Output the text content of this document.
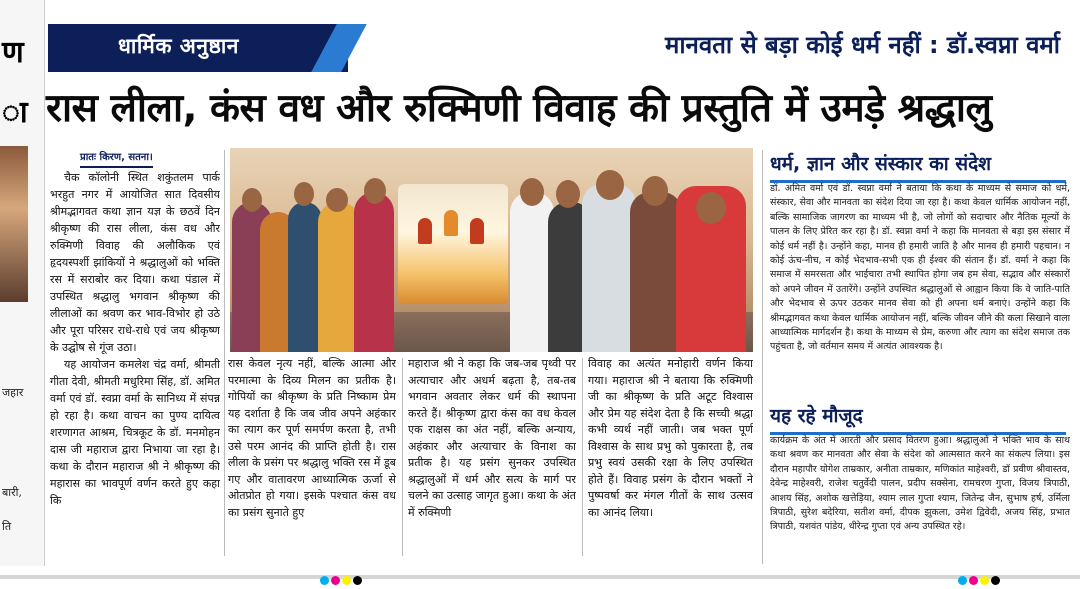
ण
ा
जहार
बारी,
ति
धार्मिक अनुष्ठान	मानवता से बड़ा कोई धर्म नहीं : डॉ.स्वप्ना वर्मा
रास लीला, कंस वध और रुक्मिणी विवाह की प्रस्तुति में उमड़े श्रद्धालु
प्रातः किरण, सतना।

चैक कॉलोनी स्थित शकुंतलम पार्क भरहुत नगर में आयोजित सात दिवसीय श्रीमद्भागवत कथा ज्ञान यज्ञ के छठवें दिन श्रीकृष्ण की रास लीला, कंस वध और रुक्मिणी विवाह की अलौकिक एवं हृदयस्पर्शी झांकियों ने श्रद्धालुओं को भक्ति रस में सराबोर कर दिया। कथा पंडाल में उपस्थित श्रद्धालु भगवान श्रीकृष्ण की लीलाओं का श्रवण कर भाव-विभोर हो उठे और पूरा परिसर राधे-राधे एवं जय श्रीकृष्ण के उद्घोष से गूंज उठा।

यह आयोजन कमलेश चंद्र वर्मा, श्रीमती गीता देवी, श्रीमती मधुरिमा सिंह, डॉ. अमित वर्मा एवं डॉ. स्वप्ना वर्मा के सानिध्य में संपन्न हो रहा है। कथा वाचन का पुण्य दायित्व शरणागत आश्रम, चित्रकूट के डॉ. मनमोहन दास जी महाराज द्वारा निभाया जा रहा है। कथा के दौरान महाराज श्री ने श्रीकृष्ण की महारास का भावपूर्ण वर्णन करते हुए कहा कि

रास केवल नृत्य नहीं, बल्कि आत्मा और परमात्मा के दिव्य मिलन का प्रतीक है। गोपियों का श्रीकृष्ण के प्रति निष्काम प्रेम यह दर्शाता है कि जब जीव अपने अहंकार का त्याग कर पूर्ण समर्पण करता है, तभी उसे परम आनंद की प्राप्ति होती है। रास लीला के प्रसंग पर श्रद्धालु भक्ति रस में डूब गए और वातावरण आध्यात्मिक ऊर्जा से ओतप्रोत हो गया। इसके पश्चात कंस वध का प्रसंग सुनाते हुए
महाराज श्री ने कहा कि जब-जब पृथ्वी पर अत्याचार और अधर्म बढ़ता है, तब-तब भगवान अवतार लेकर धर्म की स्थापना करते हैं। श्रीकृष्ण द्वारा कंस का वध केवल एक राक्षस का अंत नहीं, बल्कि अन्याय, अहंकार और अत्याचार के विनाश का प्रतीक है। यह प्रसंग सुनकर उपस्थित श्रद्धालुओं में धर्म और सत्य के मार्ग पर चलने का उत्साह जागृत हुआ। कथा के अंत में रुक्मिणी
विवाह का अत्यंत मनोहारी वर्णन किया गया। महाराज श्री ने बताया कि रुक्मिणी जी का श्रीकृष्ण के प्रति अटूट विश्वास और प्रेम यह संदेश देता है कि सच्ची श्रद्धा कभी व्यर्थ नहीं जाती। जब भक्त पूर्ण विश्वास के साथ प्रभु को पुकारता है, तब प्रभु स्वयं उसकी रक्षा के लिए उपस्थित होते हैं। विवाह प्रसंग के दौरान भक्तों ने पुष्पवर्षा कर मंगल गीतों के साथ उत्सव का आनंद लिया।
धर्म, ज्ञान और संस्कार का संदेश
डॉ. अमित वर्मा एवं डॉ. स्वप्ना वर्मा ने बताया कि कथा के माध्यम से समाज को धर्म, संस्कार, सेवा और मानवता का संदेश दिया जा रहा है। कथा केवल धार्मिक आयोजन नहीं, बल्कि सामाजिक जागरण का माध्यम भी है, जो लोगों को सदाचार और नैतिक मूल्यों के पालन के लिए प्रेरित कर रहा है। डॉ. स्वप्ना वर्मा ने कहा कि मानवता से बड़ा इस संसार में कोई धर्म नहीं है। उन्होंने कहा, मानव ही हमारी जाति है और मानव ही हमारी पहचान। न कोई ऊंच-नीच, न कोई भेदभाव-सभी एक ही ईश्वर की संतान हैं। डॉ. वर्मा ने कहा कि समाज में समरसता और भाईचारा तभी स्थापित होगा जब हम सेवा, सद्भाव और संस्कारों को अपने जीवन में उतारेंगे। उन्होंने उपस्थित श्रद्धालुओं से आह्वान किया कि वे जाति-पाति और भेदभाव से ऊपर उठकर मानव सेवा को ही अपना धर्म बनाएं। उन्होंने कहा कि श्रीमद्भागवत कथा केवल धार्मिक आयोजन नहीं, बल्कि जीवन जीने की कला सिखाने वाला आध्यात्मिक मार्गदर्शन है। कथा के माध्यम से प्रेम, करुणा और त्याग का संदेश समाज तक पहुंचता है, जो वर्तमान समय में अत्यंत आवश्यक है।
यह रहे मौजूद
कार्यक्रम के अंत में आरती और प्रसाद वितरण हुआ। श्रद्धालुओं ने भक्ति भाव के साथ कथा श्रवण कर मानवता और सेवा के संदेश को आत्मसात करने का संकल्प लिया। इस दौरान महापौर योगेश ताम्रकार, अनीता ताम्रकार, मणिकांत माहेश्वरी, डॉ प्रवीण श्रीवास्तव, देवेन्द्र माहेश्वरी, राजेश चतुर्वेदी पालन, प्रदीप सक्सेना, रामचरण गुप्ता, विजय त्रिपाठी, आशय सिंह, अशोक खत्तेड़िया, श्याम लाल गुप्ता श्याम, जितेन्द्र जैन, सुभाष हर्ष, उर्मिला त्रिपाठी, सुरेश बदेरिया, सतीश वर्मा, दीपक झुकला, उमेश द्विवेदी, अजय सिंह, प्रभात त्रिपाठी, यशवंत पांडेय, धीरेन्द्र गुप्ता एवं अन्य उपस्थित रहे।
